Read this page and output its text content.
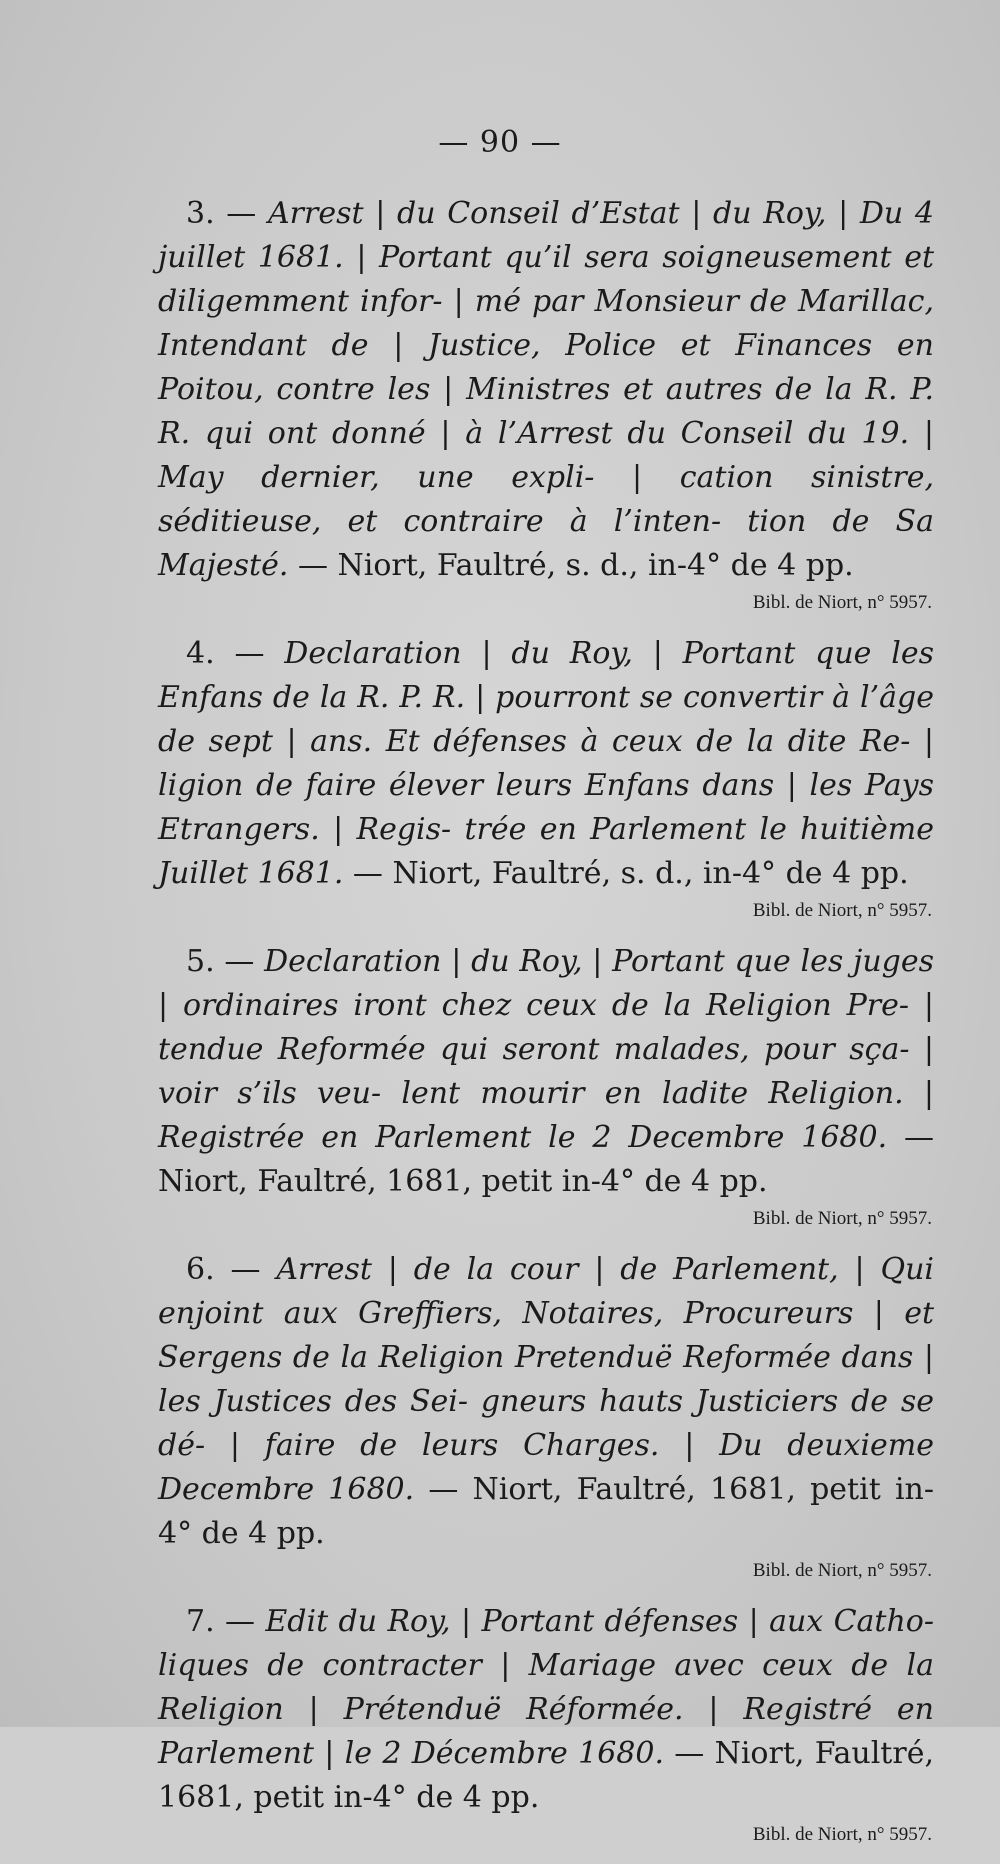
— 90 —

3. — Arrest | du Conseil d’Estat | du Roy, | Du 4 juillet 1681. | Portant qu’il sera soigneusement et diligemment infor- | mé par Monsieur de Marillac, Intendant de | Justice, Police et Finances en Poitou, contre les | Ministres et autres de la R. P. R. qui ont donné | à l’Arrest du Conseil du 19. | May dernier, une expli- | cation sinistre, séditieuse, et contraire à l’inten- tion de Sa Majesté. — Niort, Faultré, s. d., in-4° de 4 pp.

Bibl. de Niort, n° 5957.

4. — Declaration | du Roy, | Portant que les Enfans de la R. P. R. | pourront se convertir à l’âge de sept | ans. Et défenses à ceux de la dite Re- | ligion de faire élever leurs Enfans dans | les Pays Etrangers. | Regis- trée en Parlement le huitième Juillet 1681. — Niort, Faultré, s. d., in-4° de 4 pp.

Bibl. de Niort, n° 5957.

5. — Declaration | du Roy, | Portant que les juges | ordinaires iront chez ceux de la Religion Pre- | tendue Reformée qui seront malades, pour sça- | voir s’ils veu- lent mourir en ladite Religion. | Registrée en Parlement le 2 Decembre 1680. — Niort, Faultré, 1681, petit in-4° de 4 pp.

Bibl. de Niort, n° 5957.

6. — Arrest | de la cour | de Parlement, | Qui enjoint aux Greffiers, Notaires, Procureurs | et Sergens de la Religion Pretenduë Reformée dans | les Justices des Sei- gneurs hauts Justiciers de se dé- | faire de leurs Charges. | Du deuxieme Decembre 1680. — Niort, Faultré, 1681, petit in-4° de 4 pp.

Bibl. de Niort, n° 5957.

7. — Edit du Roy, | Portant défenses | aux Catho- liques de contracter | Mariage avec ceux de la Religion | Prétenduë Réformée. | Registré en Parlement | le 2 Décembre 1680. — Niort, Faultré, 1681, petit in-4° de 4 pp.

Bibl. de Niort, n° 5957.
